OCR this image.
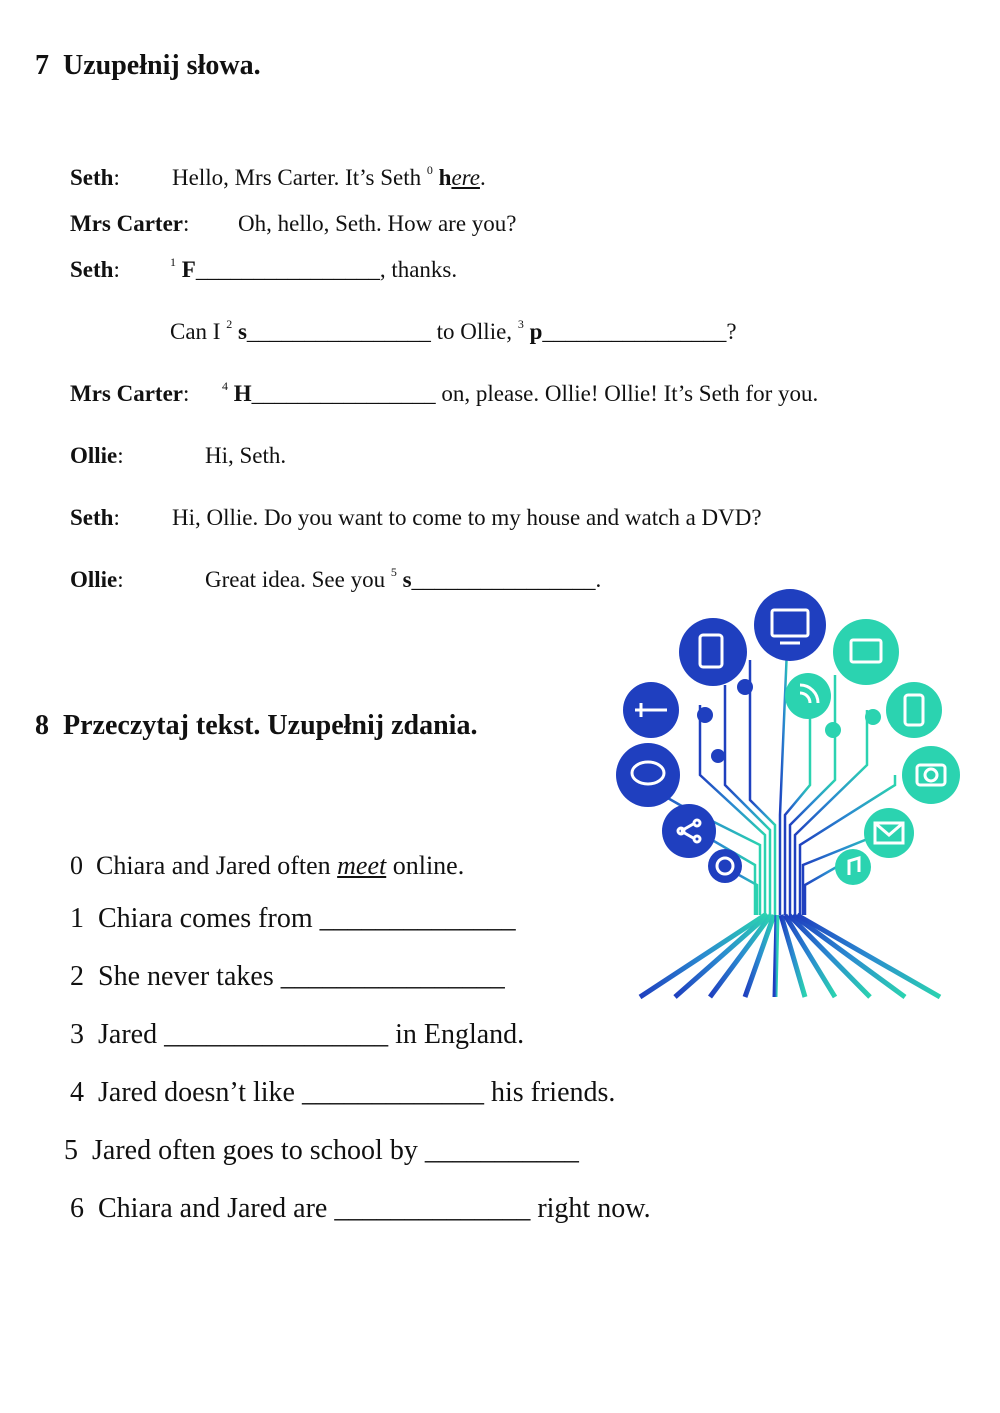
7 Uzupełnij słowa.
Seth: Hello, Mrs Carter. It’s Seth $^0$ here.
Mrs Carter: Oh, hello, Seth. How are you?
Seth:	$^1$ F________________, thanks.
Can I $^2$ s________________ to Ollie, $^3$ p________________?
Mrs Carter:	$^4$ H________________ on, please. Ollie! Ollie! It’s Seth for you.
Ollie:	Hi, Seth.
Seth: Hi, Ollie. Do you want to come to my house and watch a DVD?
Ollie:	Great idea. See you $^5$ s________________.
8 Przeczytaj tekst. Uzupełnij zdania.
0 Chiara and Jared often meet online.
1 Chiara comes from ______________
2 She never takes ________________
3 Jared ________________ in England.
4 Jared doesn’t like _____________ his friends.
5 Jared often goes to school by ___________
6 Chiara and Jared are ______________ right now.
